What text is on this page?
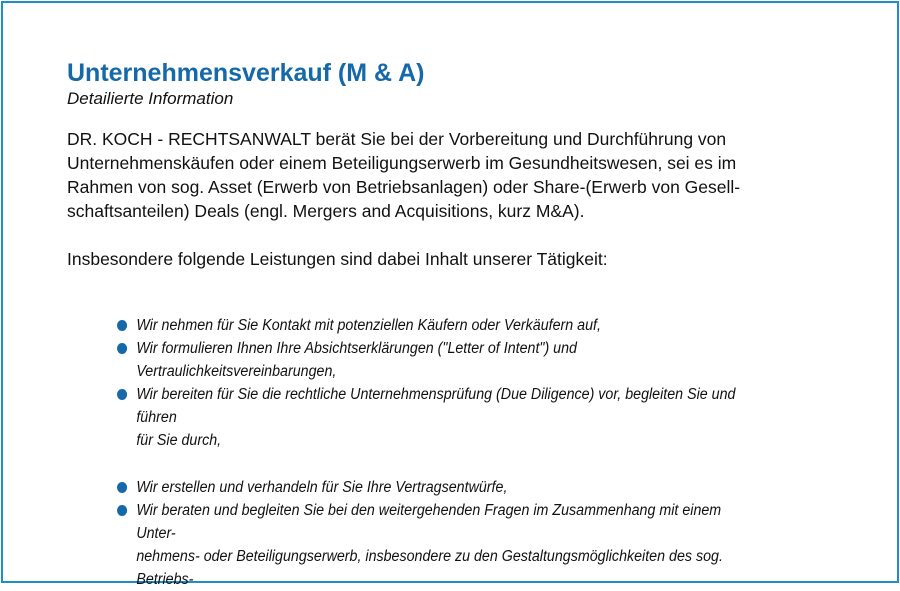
Unternehmensverkauf (M & A)

Detailierte Information

DR. KOCH - RECHTSANWALT berät Sie bei der Vorbereitung und Durchführung von
Unternehmenskäufen oder einem Beteiligungserwerb im Gesundheitswesen, sei es im
Rahmen von sog. Asset (Erwerb von Betriebsanlagen) oder Share-(Erwerb von Gesell-
schaftsanteilen) Deals (engl. Mergers and Acquisitions, kurz M&A).

Insbesondere folgende Leistungen sind dabei Inhalt unserer Tätigkeit:

Wir nehmen für Sie Kontakt mit potenziellen Käufern oder Verkäufern auf,
Wir formulieren Ihnen Ihre Absichtserklärungen ("Letter of Intent") und Vertraulichkeitsvereinbarungen,
Wir bereiten für Sie die rechtliche Unternehmensprüfung (Due Diligence) vor, begleiten Sie und führen
für Sie durch,
Wir erstellen und verhandeln für Sie Ihre Vertragsentwürfe,
Wir beraten und begleiten Sie bei den weitergehenden Fragen im Zusammenhang mit einem Unter-
nehmens- oder Beteiligungserwerb, insbesondere zu den Gestaltungsmöglichkeiten des sog. Betriebs-
